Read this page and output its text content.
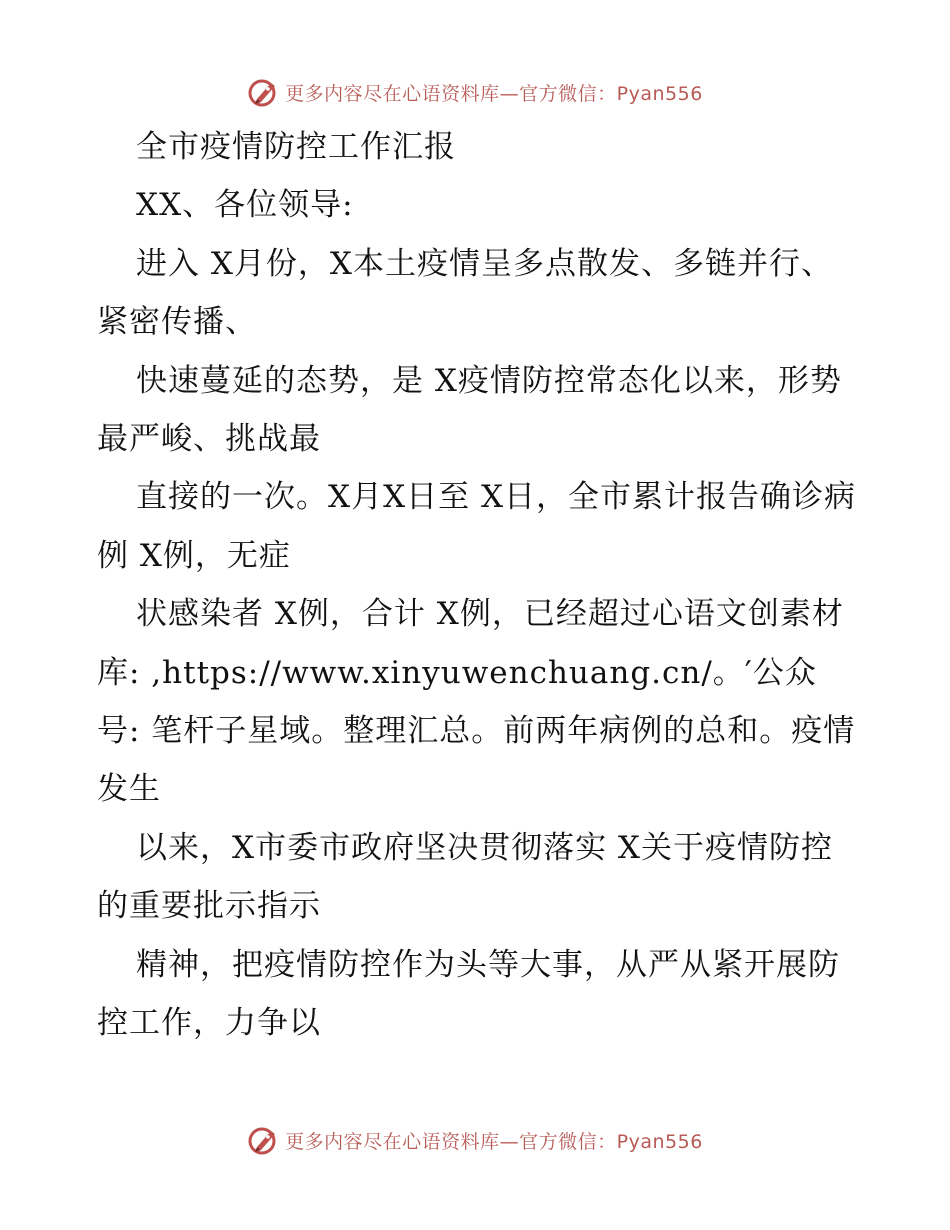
更多内容尽在心语资料库—官方微信：Pyan556

全市疫情防控工作汇报

XX、各位领导:

进入 X月份，X本土疫情呈多点散发、多链并行、紧密传播、

快速蔓延的态势，是 X疫情防控常态化以来，形势最严峻、挑战最

直接的一次。X月X日至 X日，全市累计报告确诊病例 X例，无症

状感染者 X例，合计 X例，已经超过心语文创素材库: ,https://www.xinyuwenchuang.cn/。′公众号: 笔杆子星域。整理汇总。前两年病例的总和。疫情发生

以来，X市委市政府坚决贯彻落实 X关于疫情防控的重要批示指示

精神，把疫情防控作为头等大事，从严从紧开展防控工作，力争以

更多内容尽在心语资料库—官方微信：Pyan556
